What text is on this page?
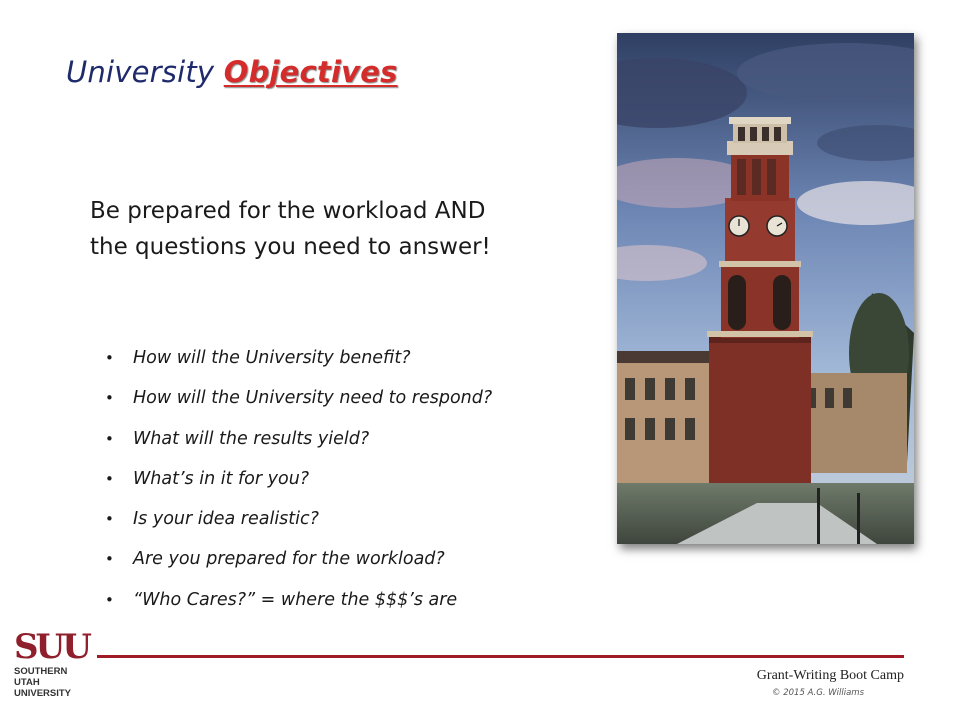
University Objectives
Be prepared for the workload AND the questions you need to answer!
• How will the University benefit?
• How will the University need to respond?
• What will the results yield?
• What’s in it for you?
• Is your idea realistic?
• Are you prepared for the workload?
• “Who Cares?” = where the $$$’s are
SUU
SOUTHERN
UTAH
UNIVERSITY
Grant-Writing Boot Camp
© 2015 A.G. Williams
